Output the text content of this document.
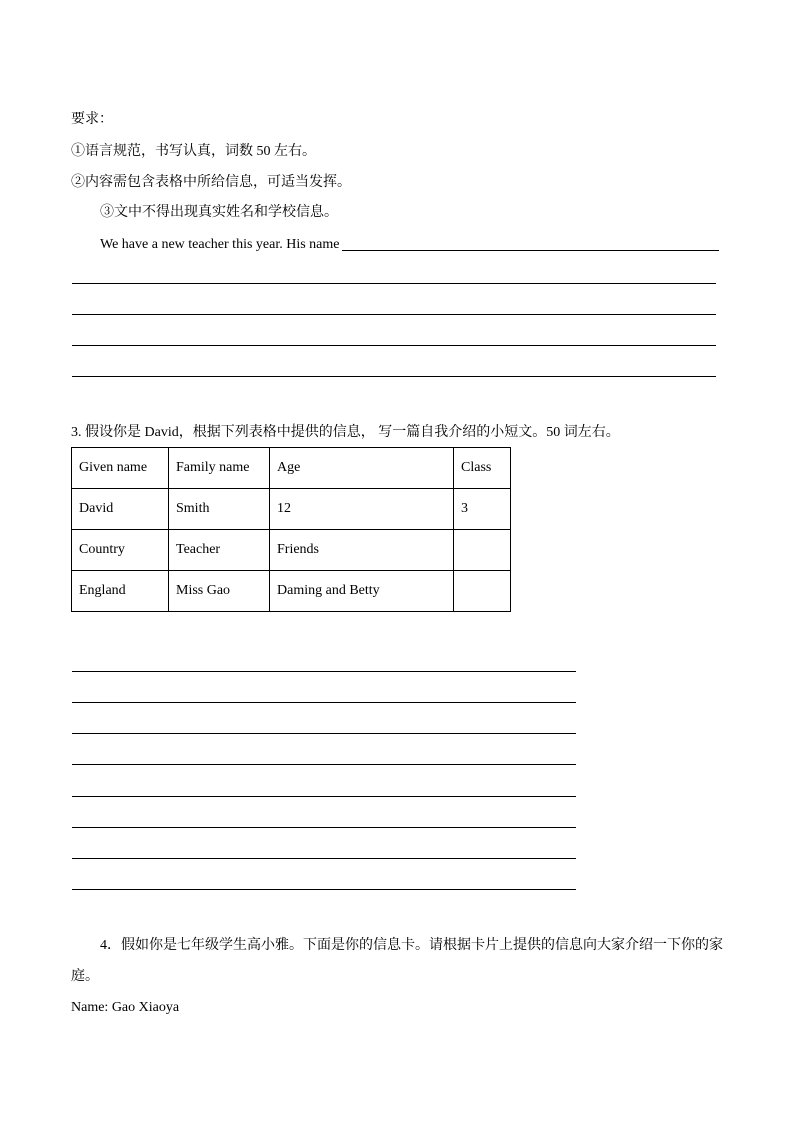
要求：
①语言规范，书写认真，词数 50 左右。
②内容需包含表格中所给信息，可适当发挥。
③文中不得出现真实姓名和学校信息。
We have a new teacher this year. His name
3. 假设你是 David，根据下列表格中提供的信息， 写一篇自我介绍的小短文。50 词左右。
Given name	Family name	Age	Class
David	Smith	12	3
Country	Teacher	Friends	
England	Miss Gao	Daming and Betty	
4．假如你是七年级学生高小雅。下面是你的信息卡。请根据卡片上提供的信息向大家介绍一下你的家
庭。
Name: Gao Xiaoya
